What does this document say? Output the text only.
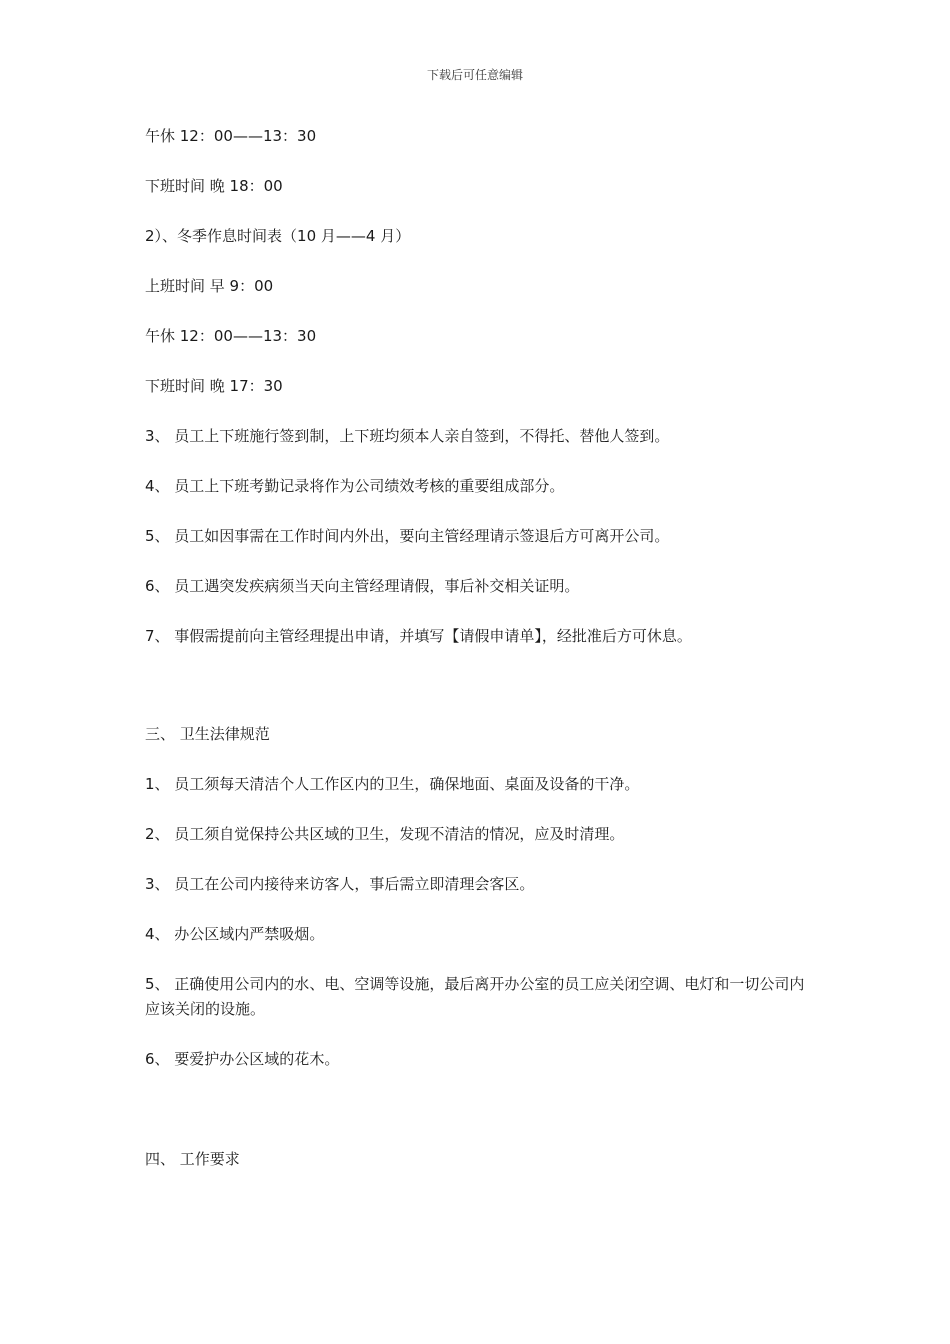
下载后可任意编辑
午休 12：00——13：30
下班时间 晚 18：00
2）、冬季作息时间表（10 月——4 月）
上班时间 早 9：00
午休 12：00——13：30
下班时间 晚 17：30
3、 员工上下班施行签到制，上下班均须本人亲自签到，不得托、替他人签到。
4、 员工上下班考勤记录将作为公司绩效考核的重要组成部分。
5、 员工如因事需在工作时间内外出，要向主管经理请示签退后方可离开公司。
6、 员工遇突发疾病须当天向主管经理请假，事后补交相关证明。
7、 事假需提前向主管经理提出申请，并填写【请假申请单】，经批准后方可休息。
三、 卫生法律规范
1、 员工须每天清洁个人工作区内的卫生，确保地面、桌面及设备的干净。
2、 员工须自觉保持公共区域的卫生，发现不清洁的情况，应及时清理。
3、 员工在公司内接待来访客人，事后需立即清理会客区。
4、 办公区域内严禁吸烟。
5、 正确使用公司内的水、电、空调等设施，最后离开办公室的员工应关闭空调、电灯和一切公司内应该关闭的设施。
6、 要爱护办公区域的花木。
四、 工作要求
